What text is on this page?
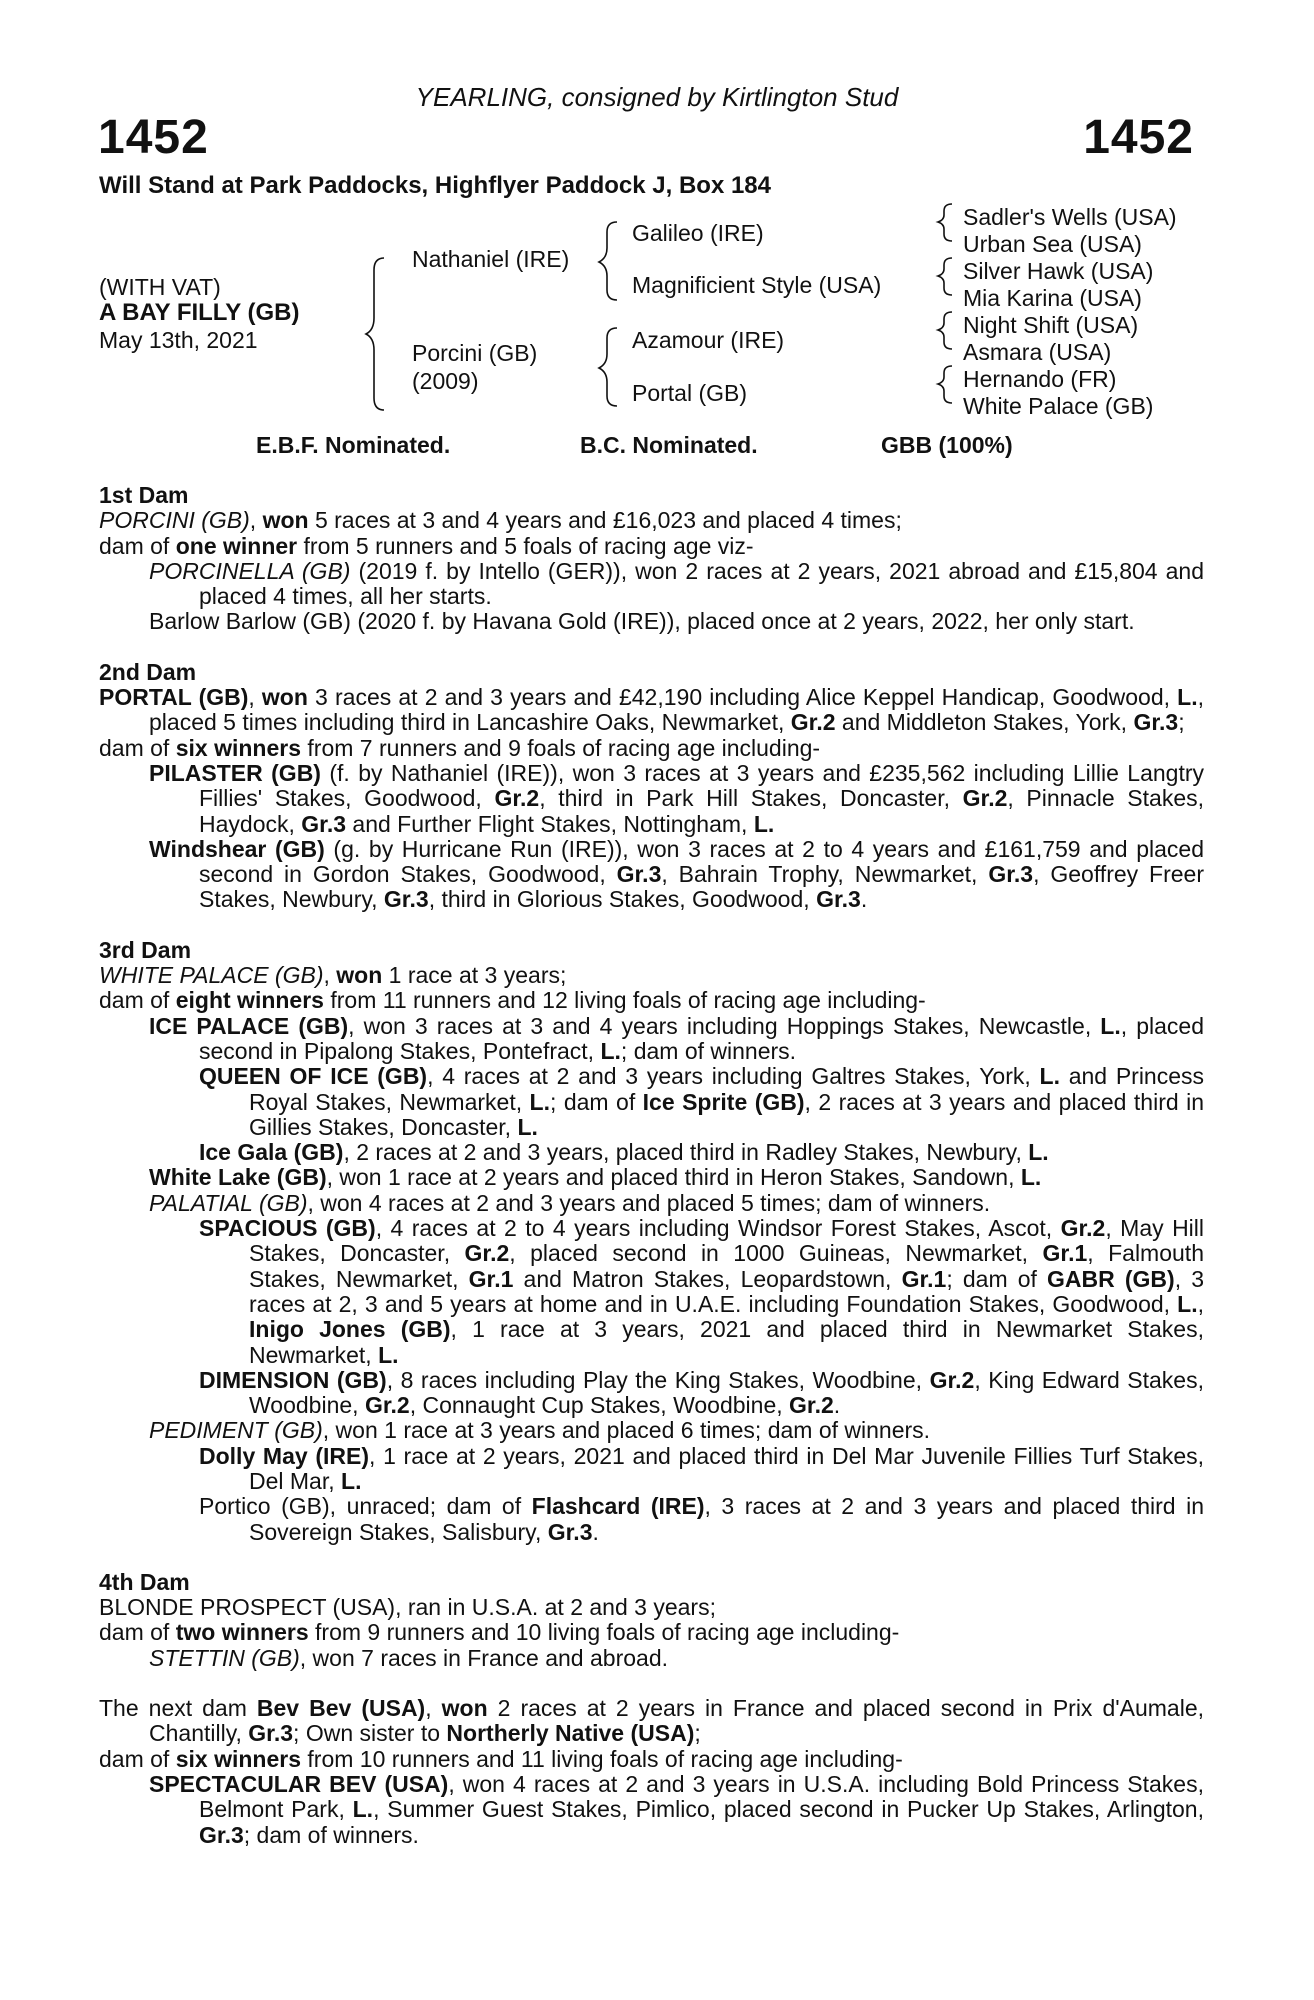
YEARLING, consigned by Kirtlington Stud
1452	1452
Will Stand at Park Paddocks, Highflyer Paddock J, Box 184
(WITH VAT)
A BAY FILLY (GB)
May 13th, 2021
Nathaniel (IRE)
Porcini (GB)
(2009)
Galileo (IRE)
Magnificient Style (USA)
Azamour (IRE)
Portal (GB)
Sadler's Wells (USA)
Urban Sea (USA)
Silver Hawk (USA)
Mia Karina (USA)
Night Shift (USA)
Asmara (USA)
Hernando (FR)
White Palace (GB)
E.B.F. Nominated.	B.C. Nominated.	GBB (100%)

1st Dam

PORCINI (GB), won 5 races at 3 and 4 years and £16,023 and placed 4 times;

dam of one winner from 5 runners and 5 foals of racing age viz-

PORCINELLA (GB) (2019 f. by Intello (GER)), won 2 races at 2 years, 2021 abroad and £15,804 and placed 4 times, all her starts.

Barlow Barlow (GB) (2020 f. by Havana Gold (IRE)), placed once at 2 years, 2022, her only start.

2nd Dam

PORTAL (GB), won 3 races at 2 and 3 years and £42,190 including Alice Keppel Handicap, Goodwood, L., placed 5 times including third in Lancashire Oaks, Newmarket, Gr.2 and Middleton Stakes, York, Gr.3;

dam of six winners from 7 runners and 9 foals of racing age including-

PILASTER (GB) (f. by Nathaniel (IRE)), won 3 races at 3 years and £235,562 including Lillie Langtry Fillies' Stakes, Goodwood, Gr.2, third in Park Hill Stakes, Doncaster, Gr.2, Pinnacle Stakes, Haydock, Gr.3 and Further Flight Stakes, Nottingham, L.

Windshear (GB) (g. by Hurricane Run (IRE)), won 3 races at 2 to 4 years and £161,759 and placed second in Gordon Stakes, Goodwood, Gr.3, Bahrain Trophy, Newmarket, Gr.3, Geoffrey Freer Stakes, Newbury, Gr.3, third in Glorious Stakes, Goodwood, Gr.3.

3rd Dam

WHITE PALACE (GB), won 1 race at 3 years;

dam of eight winners from 11 runners and 12 living foals of racing age including-

ICE PALACE (GB), won 3 races at 3 and 4 years including Hoppings Stakes, Newcastle, L., placed second in Pipalong Stakes, Pontefract, L.; dam of winners.

QUEEN OF ICE (GB), 4 races at 2 and 3 years including Galtres Stakes, York, L. and Princess Royal Stakes, Newmarket, L.; dam of Ice Sprite (GB), 2 races at 3 years and placed third in Gillies Stakes, Doncaster, L.

Ice Gala (GB), 2 races at 2 and 3 years, placed third in Radley Stakes, Newbury, L.

White Lake (GB), won 1 race at 2 years and placed third in Heron Stakes, Sandown, L.

PALATIAL (GB), won 4 races at 2 and 3 years and placed 5 times; dam of winners.

SPACIOUS (GB), 4 races at 2 to 4 years including Windsor Forest Stakes, Ascot, Gr.2, May Hill Stakes, Doncaster, Gr.2, placed second in 1000 Guineas, Newmarket, Gr.1, Falmouth Stakes, Newmarket, Gr.1 and Matron Stakes, Leopardstown, Gr.1; dam of GABR (GB), 3 races at 2, 3 and 5 years at home and in U.A.E. including Foundation Stakes, Goodwood, L., Inigo Jones (GB), 1 race at 3 years, 2021 and placed third in Newmarket Stakes, Newmarket, L.

DIMENSION (GB), 8 races including Play the King Stakes, Woodbine, Gr.2, King Edward Stakes, Woodbine, Gr.2, Connaught Cup Stakes, Woodbine, Gr.2.

PEDIMENT (GB), won 1 race at 3 years and placed 6 times; dam of winners.

Dolly May (IRE), 1 race at 2 years, 2021 and placed third in Del Mar Juvenile Fillies Turf Stakes, Del Mar, L.

Portico (GB), unraced; dam of Flashcard (IRE), 3 races at 2 and 3 years and placed third in Sovereign Stakes, Salisbury, Gr.3.

4th Dam

BLONDE PROSPECT (USA), ran in U.S.A. at 2 and 3 years;

dam of two winners from 9 runners and 10 living foals of racing age including-

STETTIN (GB), won 7 races in France and abroad.

The next dam Bev Bev (USA), won 2 races at 2 years in France and placed second in Prix d'Aumale, Chantilly, Gr.3; Own sister to Northerly Native (USA);

dam of six winners from 10 runners and 11 living foals of racing age including-

SPECTACULAR BEV (USA), won 4 races at 2 and 3 years in U.S.A. including Bold Princess Stakes, Belmont Park, L., Summer Guest Stakes, Pimlico, placed second in Pucker Up Stakes, Arlington, Gr.3; dam of winners.
